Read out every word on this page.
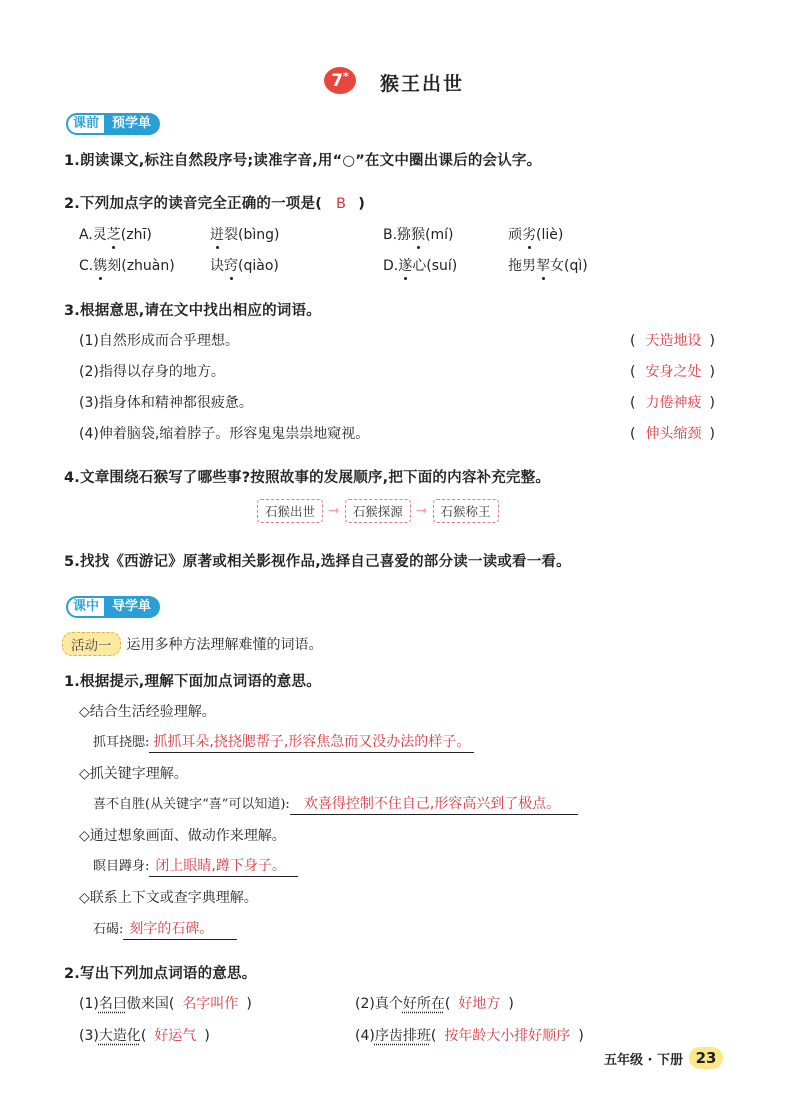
7 * 猴王出世
课前	预学单
1.朗读课文,标注自然段序号;读准字音,用“○”在文中圈出课后的会认字。
2.下列加点字的读音完全正确的一项是( B )
A.灵芝(zhī)	迸裂(bìng)	B.猕猴(mí)	顽劣(liè)
C.镌刻(zhuàn)	诀窍(qiào)	D.遂心(suí)	拖男挈女(qì)
3.根据意思,请在文中找出相应的词语。
(1)自然形成而合乎理想。	( 天造地设 )
(2)指得以存身的地方。	( 安身之处 )
(3)指身体和精神都很疲惫。	( 力倦神疲 )
(4)伸着脑袋,缩着脖子。形容鬼鬼祟祟地窥视。	( 伸头缩颈 )
4.文章围绕石猴写了哪些事?按照故事的发展顺序,把下面的内容补充完整。
石猴出世 ➞	石猴探源 ➞	石猴称王
5.找找《西游记》原著或相关影视作品,选择自己喜爱的部分读一读或看一看。
课中	导学单
活动一	运用多种方法理解难懂的词语。
1.根据提示,理解下面加点词语的意思。
◇结合生活经验理解。
抓耳挠腮: 抓抓耳朵,挠挠腮帮子,形容焦急而又没办法的样子。
◇抓关键字理解。
喜不自胜(从关键字“喜”可以知道): 欢喜得控制不住自己,形容高兴到了极点。
◇通过想象画面、做动作来理解。
瞑目蹲身: 闭上眼睛,蹲下身子。
◇联系上下文或查字典理解。
石碣: 刻字的石碑。
2.写出下列加点词语的意思。
(1)名曰傲来国( 名字叫作 )	(2)真个好所在( 好地方 )
(3)大造化( 好运气 )	(4)序齿排班( 按年龄大小排好顺序 )
五年级 · 下册 23
